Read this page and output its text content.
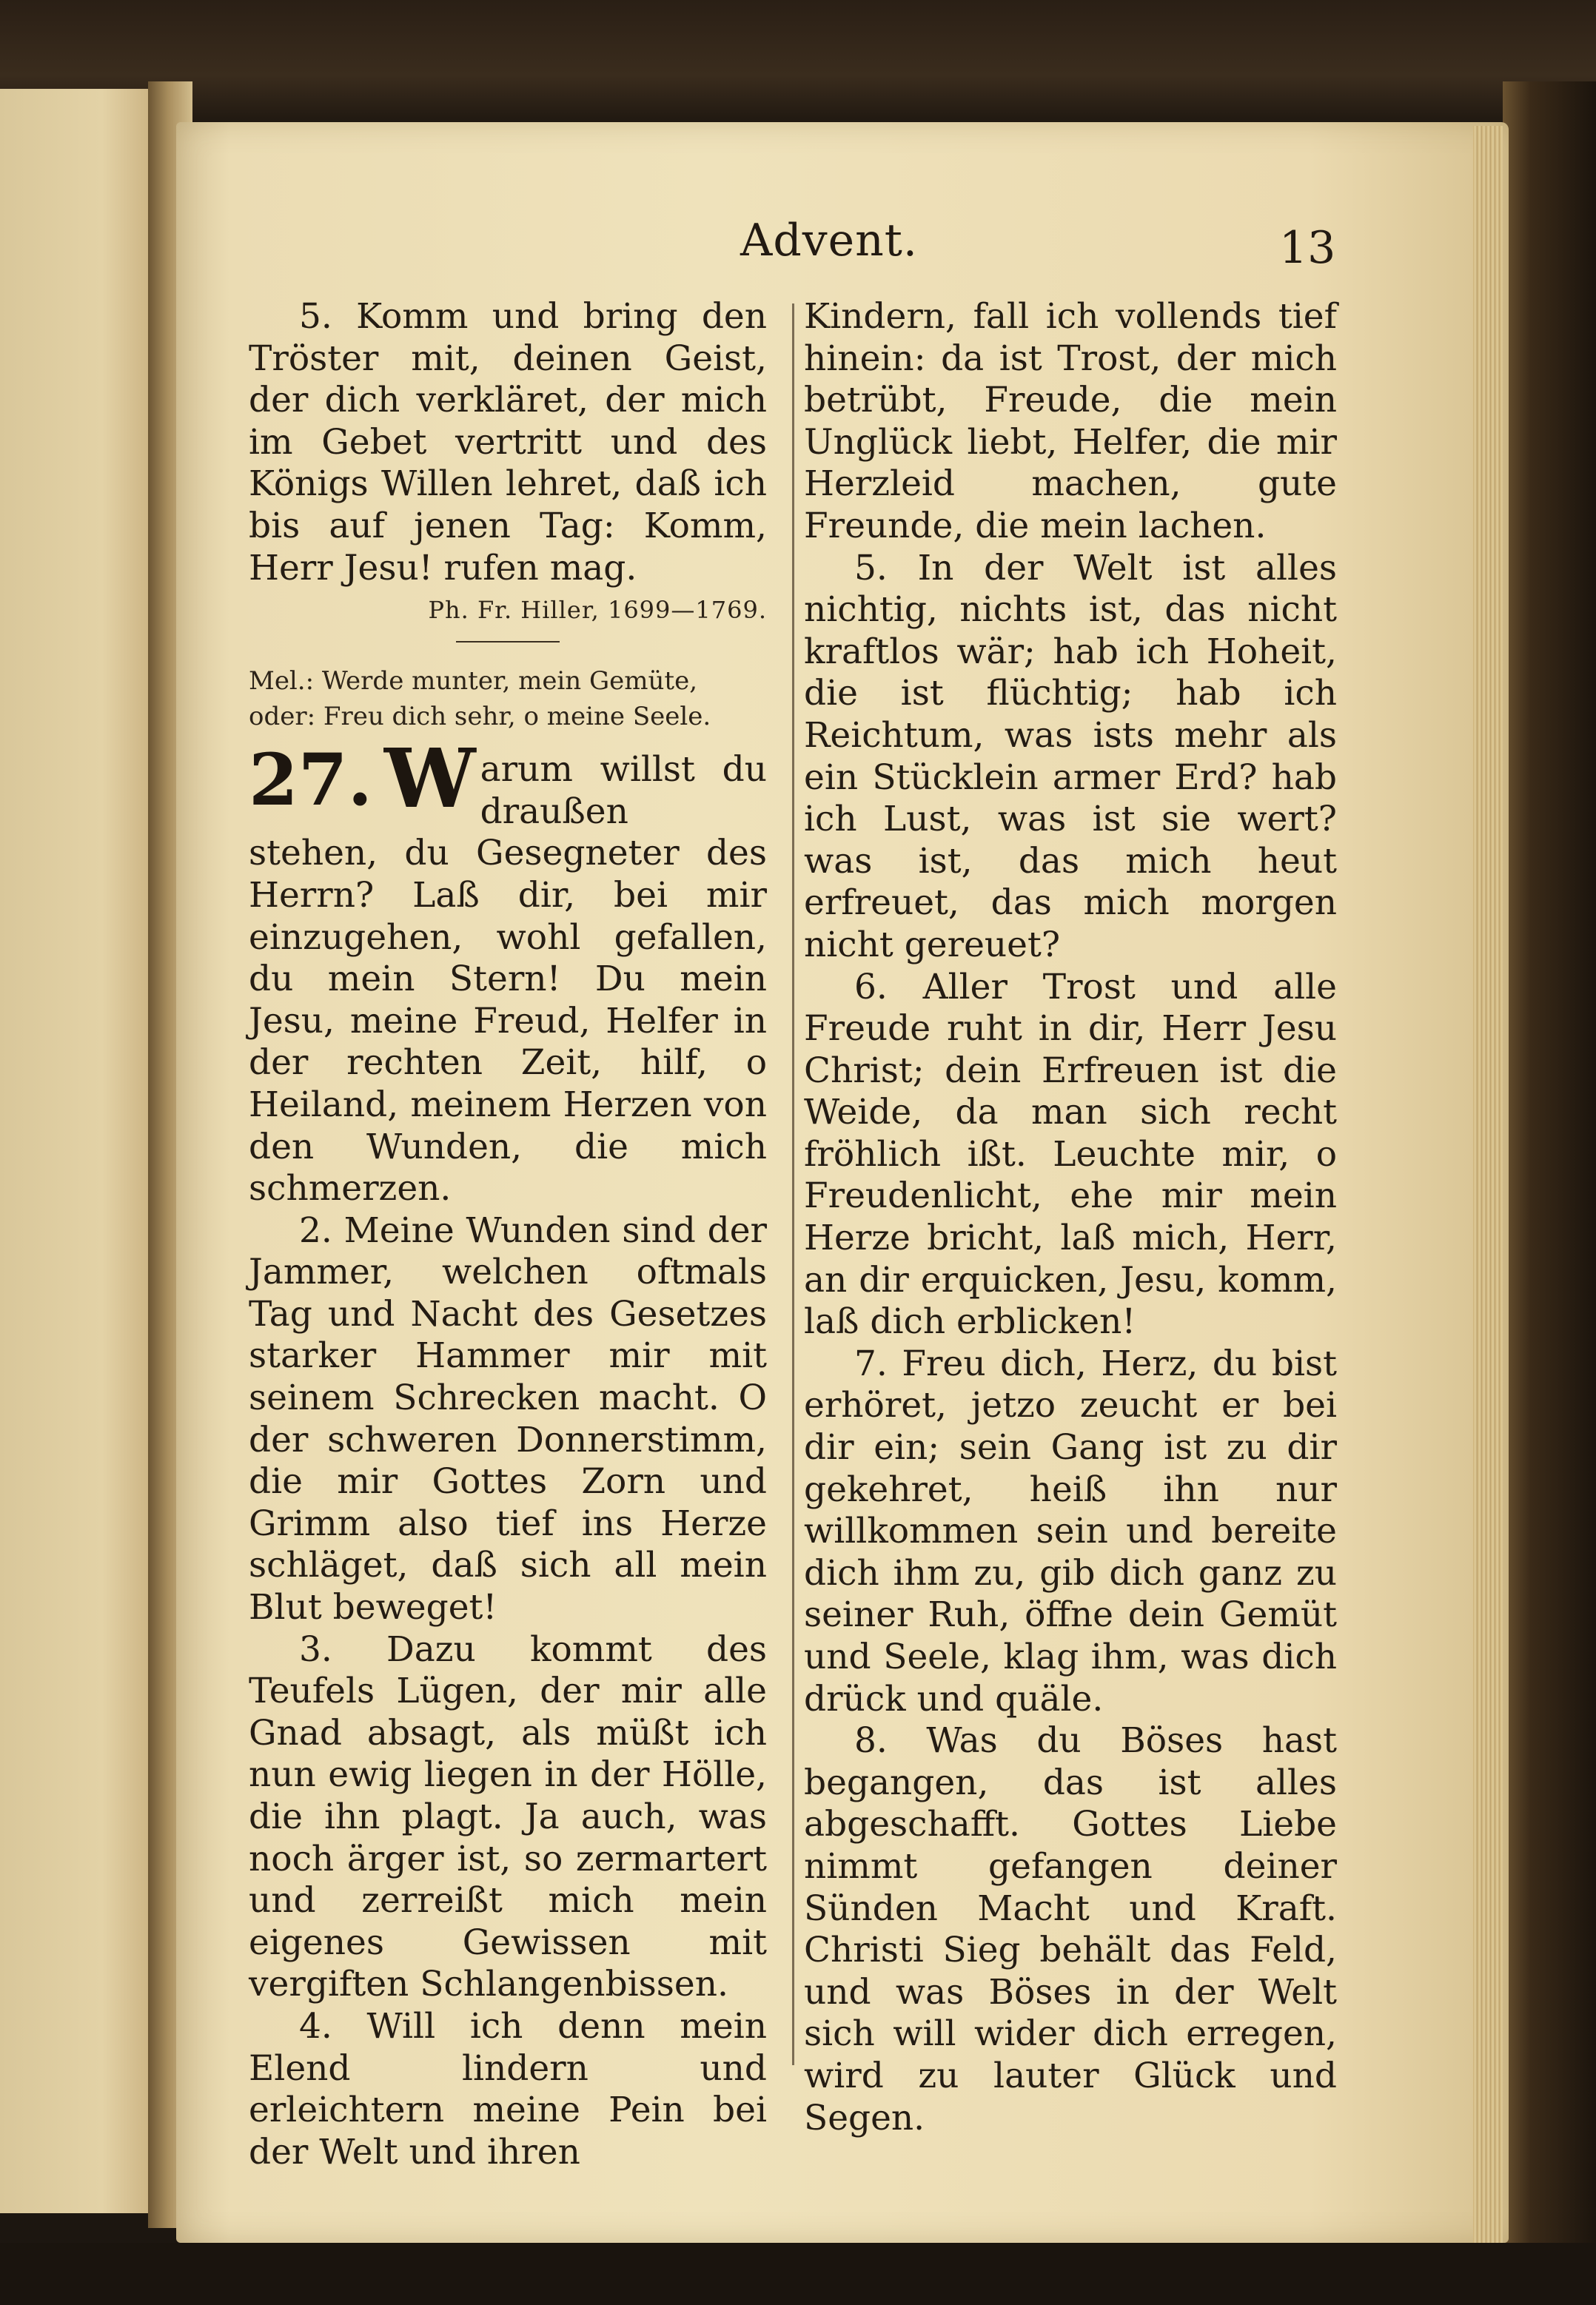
Advent.	13

5. Komm und bring den Tröster mit, deinen Geist, der dich verkläret, der mich im Gebet vertritt und des Königs Willen lehret, daß ich bis auf jenen Tag: Komm, Herr Jesu! rufen mag.

Ph. Fr. Hiller, 1699—1769.
Mel.: Werde munter, mein Gemüte,
oder: Freu dich sehr, o meine Seele.

27. W arum willst du draußen stehen, du Gesegneter des Herrn? Laß dir, bei mir einzugehen, wohl gefallen, du mein Stern! Du mein Jesu, meine Freud, Helfer in der rechten Zeit, hilf, o Heiland, meinem Herzen von den Wunden, die mich schmerzen.

2. Meine Wunden sind der Jammer, welchen oftmals Tag und Nacht des Gesetzes starker Hammer mir mit seinem Schrecken macht. O der schweren Donnerstimm, die mir Gottes Zorn und Grimm also tief ins Herze schläget, daß sich all mein Blut beweget!

3. Dazu kommt des Teufels Lügen, der mir alle Gnad absagt, als müßt ich nun ewig liegen in der Hölle, die ihn plagt. Ja auch, was noch ärger ist, so zermartert und zerreißt mich mein eigenes Gewissen mit vergiften Schlangenbissen.

4. Will ich denn mein Elend lindern und erleichtern meine Pein bei der Welt und ihren

Kindern, fall ich vollends tief hinein: da ist Trost, der mich betrübt, Freude, die mein Unglück liebt, Helfer, die mir Herzleid machen, gute Freunde, die mein lachen.

5. In der Welt ist alles nichtig, nichts ist, das nicht kraftlos wär; hab ich Hoheit, die ist flüchtig; hab ich Reichtum, was ists mehr als ein Stücklein armer Erd? hab ich Lust, was ist sie wert? was ist, das mich heut erfreuet, das mich morgen nicht gereuet?

6. Aller Trost und alle Freude ruht in dir, Herr Jesu Christ; dein Erfreuen ist die Weide, da man sich recht fröhlich ißt. Leuchte mir, o Freudenlicht, ehe mir mein Herze bricht, laß mich, Herr, an dir erquicken, Jesu, komm, laß dich erblicken!

7. Freu dich, Herz, du bist erhöret, jetzo zeucht er bei dir ein; sein Gang ist zu dir gekehret, heiß ihn nur willkommen sein und bereite dich ihm zu, gib dich ganz zu seiner Ruh, öffne dein Gemüt und Seele, klag ihm, was dich drück und quäle.

8. Was du Böses hast begangen, das ist alles abgeschafft. Gottes Liebe nimmt gefangen deiner Sünden Macht und Kraft. Christi Sieg behält das Feld, und was Böses in der Welt sich will wider dich erregen, wird zu lauter Glück und Segen.
